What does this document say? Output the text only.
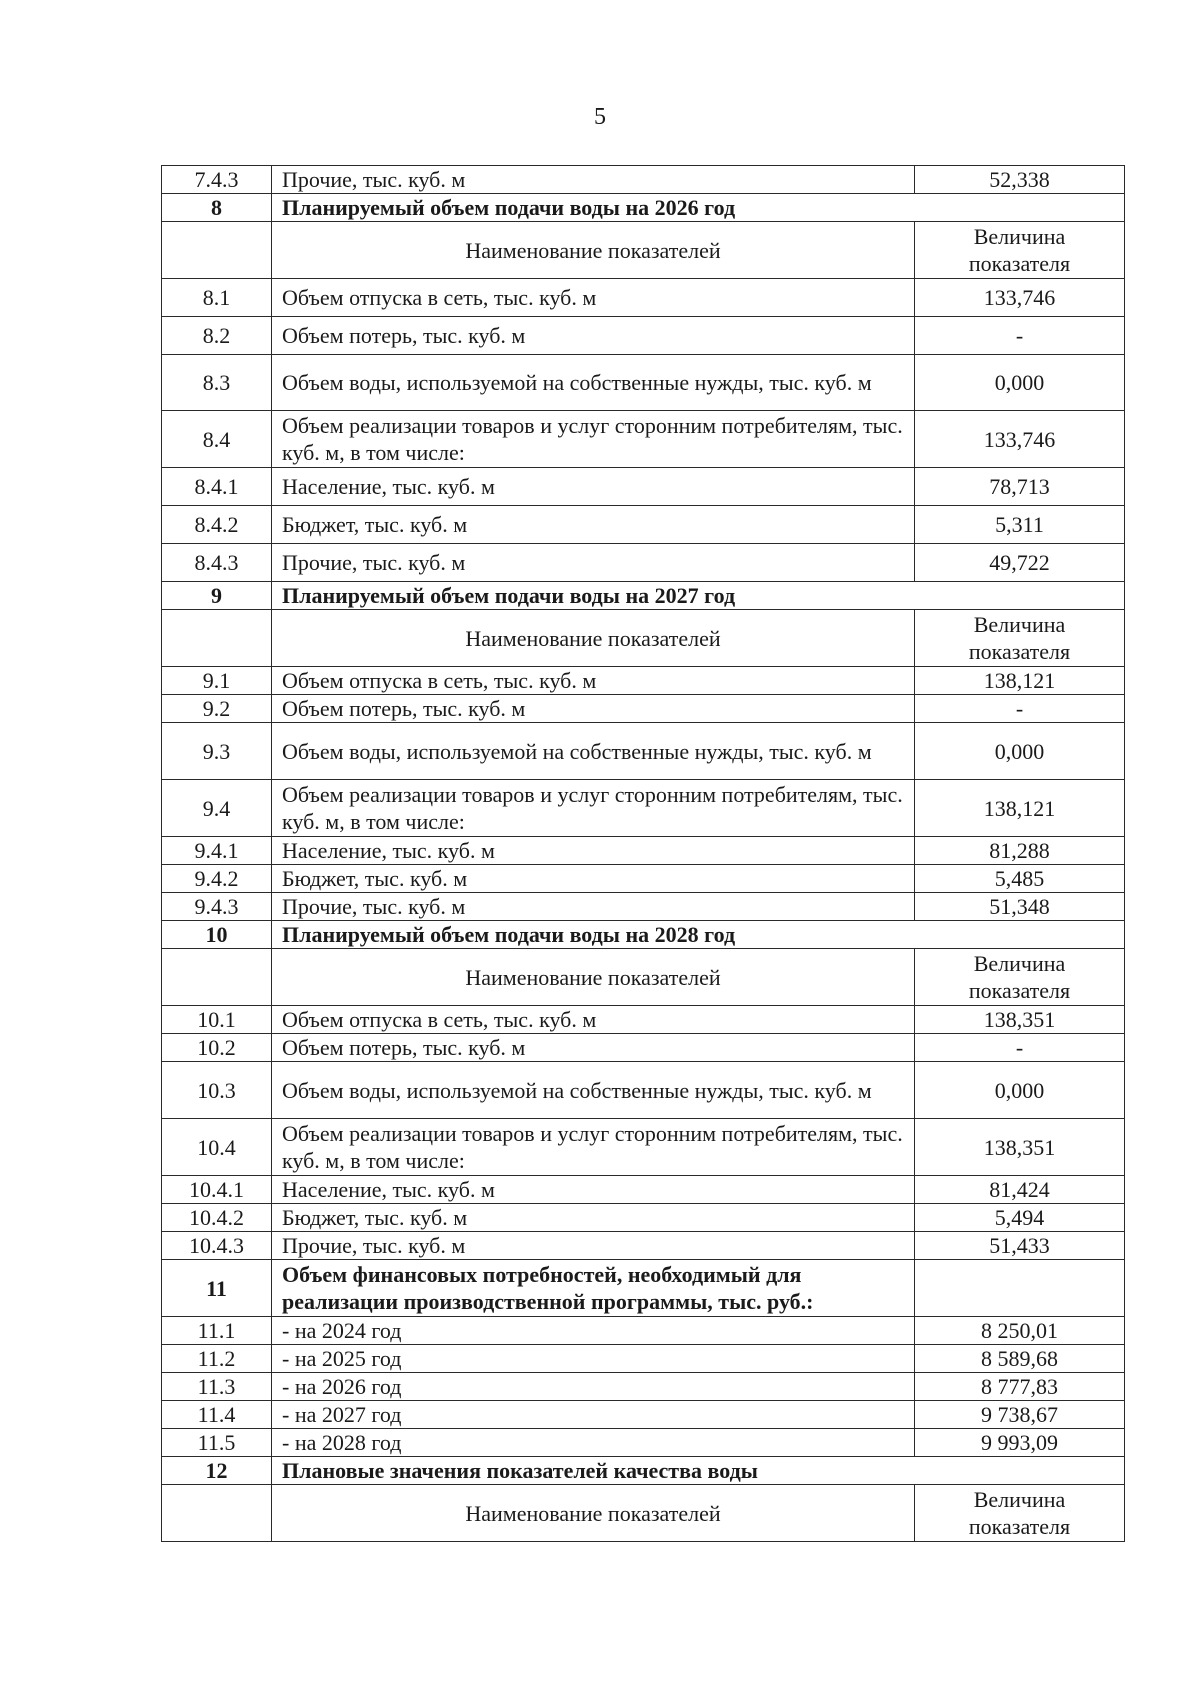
5
7.4.3	Прочие, тыс. куб. м	52,338
8	Планируемый объем подачи воды на 2026 год	
	Наименование показателей	Величина показателя
8.1	Объем отпуска в сеть, тыс. куб. м	133,746
8.2	Объем потерь, тыс. куб. м	-
8.3	Объем воды, используемой на собственные нужды, тыс. куб. м	0,000
8.4	Объем реализации товаров и услуг сторонним потребителям, тыс. куб. м, в том числе:	133,746
8.4.1	Население, тыс. куб. м	78,713
8.4.2	Бюджет, тыс. куб. м	5,311
8.4.3	Прочие, тыс. куб. м	49,722
9	Планируемый объем подачи воды на 2027 год	
	Наименование показателей	Величина показателя
9.1	Объем отпуска в сеть, тыс. куб. м	138,121
9.2	Объем потерь, тыс. куб. м	-
9.3	Объем воды, используемой на собственные нужды, тыс. куб. м	0,000
9.4	Объем реализации товаров и услуг сторонним потребителям, тыс. куб. м, в том числе:	138,121
9.4.1	Население, тыс. куб. м	81,288
9.4.2	Бюджет, тыс. куб. м	5,485
9.4.3	Прочие, тыс. куб. м	51,348
10	Планируемый объем подачи воды на 2028 год	
	Наименование показателей	Величина показателя
10.1	Объем отпуска в сеть, тыс. куб. м	138,351
10.2	Объем потерь, тыс. куб. м	-
10.3	Объем воды, используемой на собственные нужды, тыс. куб. м	0,000
10.4	Объем реализации товаров и услуг сторонним потребителям, тыс. куб. м, в том числе:	138,351
10.4.1	Население, тыс. куб. м	81,424
10.4.2	Бюджет, тыс. куб. м	5,494
10.4.3	Прочие, тыс. куб. м	51,433
11	Объем финансовых потребностей, необходимый для реализации производственной программы, тыс. руб.:	
11.1	- на 2024 год	8 250,01
11.2	- на 2025 год	8 589,68
11.3	- на 2026 год	8 777,83
11.4	- на 2027 год	9 738,67
11.5	- на 2028 год	9 993,09
12	Плановые значения показателей качества воды	
	Наименование показателей	Величина показателя
